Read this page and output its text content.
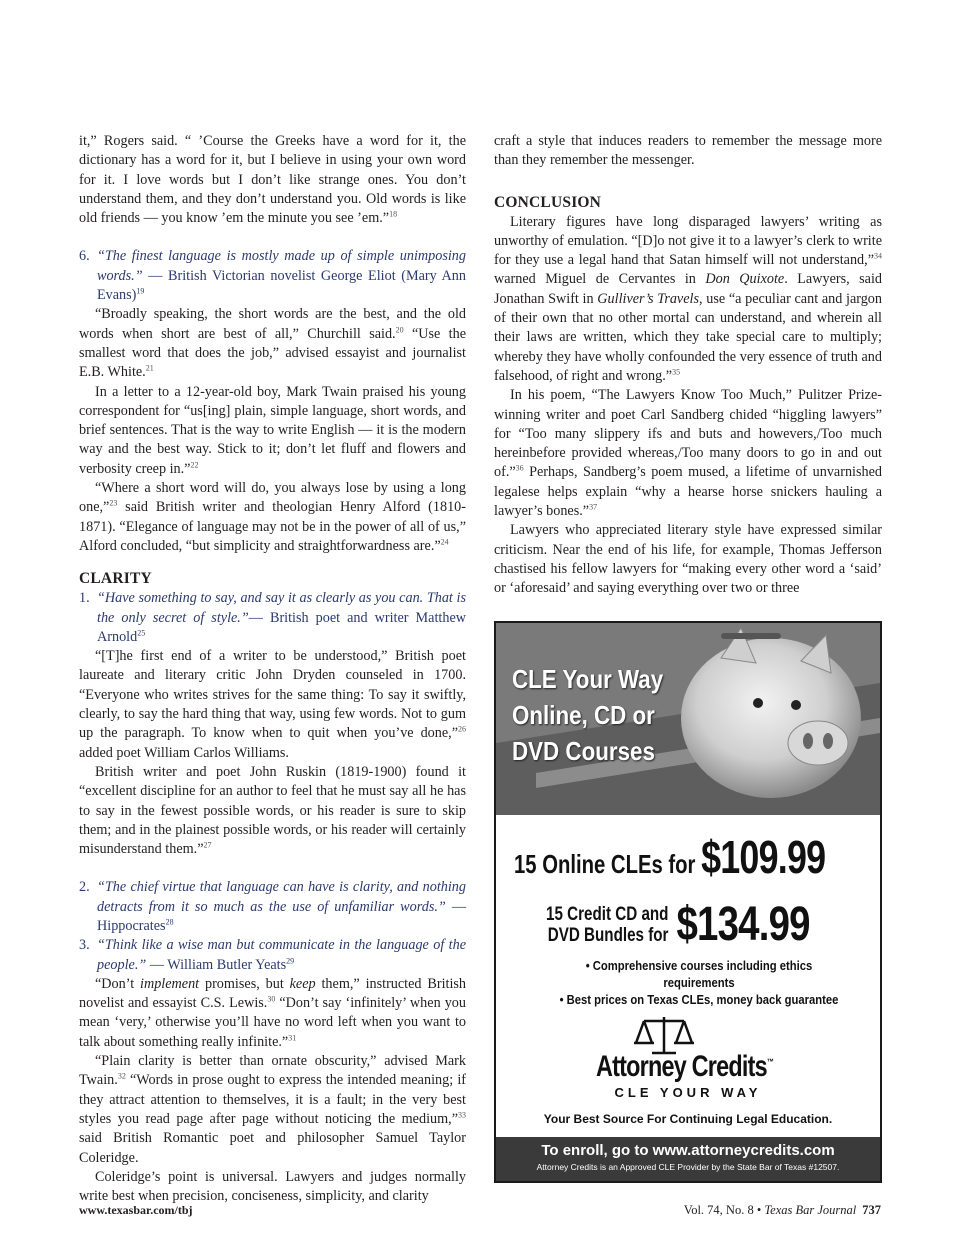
it,” Rogers said. “ ’Course the Greeks have a word for it, the dictionary has a word for it, but I believe in using your own word for it. I love words but I don’t like strange ones. You don’t understand them, and they don’t understand you. Old words is like old friends — you know ’em the minute you see ’em.”$^{18}$

6. “The finest language is mostly made up of simple unimposing words.” — British Victorian novelist George Eliot (Mary Ann Evans)$^{19}$

“Broadly speaking, the short words are the best, and the old words when short are best of all,” Churchill said.$^{20}$ “Use the smallest word that does the job,” advised essayist and journalist E.B. White.$^{21}$

In a letter to a 12-year-old boy, Mark Twain praised his young correspondent for “us[ing] plain, simple language, short words, and brief sentences. That is the way to write English — it is the modern way and the best way. Stick to it; don’t let fluff and flowers and verbosity creep in.”$^{22}$

“Where a short word will do, you always lose by using a long one,”$^{23}$ said British writer and theologian Henry Alford (1810-1871). “Elegance of language may not be in the power of all of us,” Alford concluded, “but simplicity and straightforwardness are.”$^{24}$

CLARITY
1. “Have something to say, and say it as clearly as you can. That is the only secret of style.”— British poet and writer Matthew Arnold$^{25}$

“[T]he first end of a writer to be understood,” British poet laureate and literary critic John Dryden counseled in 1700. “Everyone who writes strives for the same thing: To say it swiftly, clearly, to say the hard thing that way, using few words. Not to gum up the paragraph. To know when to quit when you’ve done,”$^{26}$ added poet William Carlos Williams.

British writer and poet John Ruskin (1819-1900) found it “excellent discipline for an author to feel that he must say all he has to say in the fewest possible words, or his reader is sure to skip them; and in the plainest possible words, or his reader will certainly misunderstand them.”$^{27}$

2. “The chief virtue that language can have is clarity, and nothing detracts from it so much as the use of unfamiliar words.” — Hippocrates$^{28}$
3. “Think like a wise man but communicate in the language of the people.” — William Butler Yeats$^{29}$

“Don’t implement promises, but keep them,” instructed British novelist and essayist C.S. Lewis.$^{30}$ “Don’t say ‘infinitely’ when you mean ‘very,’ otherwise you’ll have no word left when you want to talk about something really infinite.”$^{31}$

“Plain clarity is better than ornate obscurity,” advised Mark Twain.$^{32}$ “Words in prose ought to express the intended meaning; if they attract attention to themselves, it is a fault; in the very best styles you read page after page without noticing the medium,”$^{33}$ said British Romantic poet and philosopher Samuel Taylor Coleridge.

Coleridge’s point is universal. Lawyers and judges normally write best when precision, conciseness, simplicity, and clarity

craft a style that induces readers to remember the message more than they remember the messenger.

CONCLUSION

Literary figures have long disparaged lawyers’ writing as unworthy of emulation. “[D]o not give it to a lawyer’s clerk to write for they use a legal hand that Satan himself will not understand,”$^{34}$ warned Miguel de Cervantes in Don Quixote. Lawyers, said Jonathan Swift in Gulliver’s Travels, use “a peculiar cant and jargon of their own that no other mortal can understand, and wherein all their laws are written, which they take special care to multiply; whereby they have wholly confounded the very essence of truth and falsehood, of right and wrong.”$^{35}$

In his poem, “The Lawyers Know Too Much,” Pulitzer Prize-winning writer and poet Carl Sandberg chided “higgling lawyers” for “Too many slippery ifs and buts and howevers,/Too much hereinbefore provided whereas,/Too many doors to go in and out of.”$^{36}$ Perhaps, Sandberg’s poem mused, a lifetime of unvarnished legalese helps explain “why a hearse horse snickers hauling a lawyer’s bones.”$^{37}$

Lawyers who appreciated literary style have expressed similar criticism. Near the end of his life, for example, Thomas Jefferson chastised his fellow lawyers for “making every other word a ‘said’ or ‘aforesaid’ and saying everything over two or three

CLE Your Way
Online, CD or
DVD Courses
15 Online CLEs for $109.99
15 Credit CD and
DVD Bundles for $134.99
• Comprehensive courses including ethics requirements
• Best prices on Texas CLEs, money back guarantee
Attorney Credits™
CLE YOUR WAY
Your Best Source For Continuing Legal Education.
To enroll, go to www.attorneycredits.com
Attorney Credits is an Approved CLE Provider by the State Bar of Texas #12507.
www.texasbar.com/tbj	Vol. 74, No. 8 • Texas Bar Journal 737
